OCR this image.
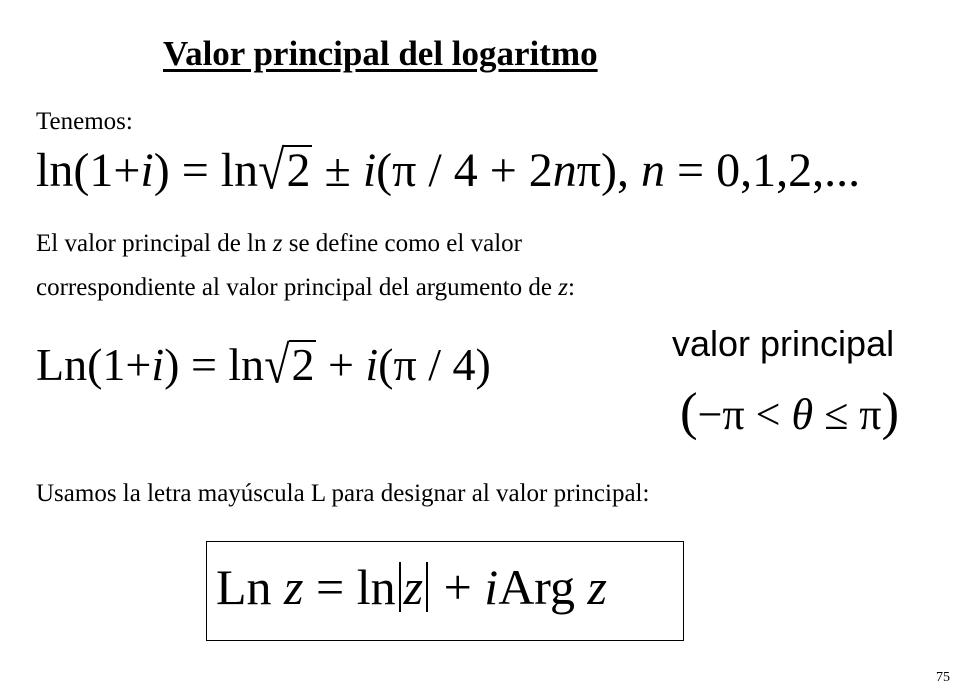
Valor principal del logaritmo
Tenemos:
ln(1+i) = ln√2 ± i(π / 4 + 2nπ), n = 0,1,2,...
El valor principal de ln z se define como el valor
correspondiente al valor principal del argumento de z:
Ln(1+i) = ln√2 + i(π / 4)	valor principal
(−π < θ ≤ π)
Usamos la letra mayúscula L para designar al valor principal:
Ln z = ln z + iArg z
75
